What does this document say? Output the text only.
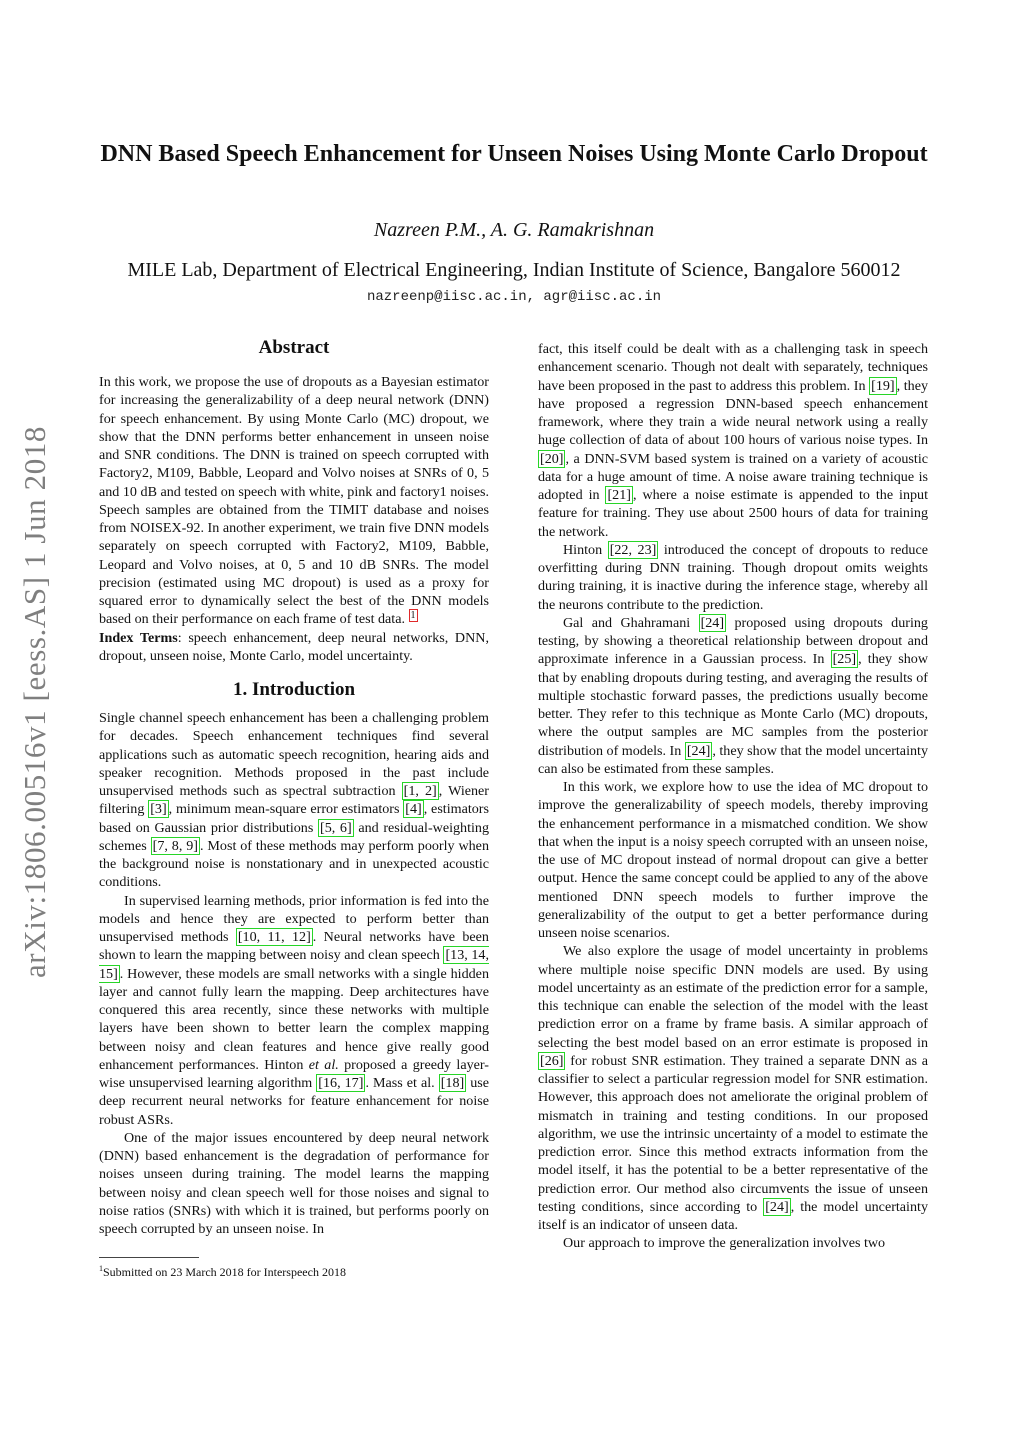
arXiv:1806.00516v1 [eess.AS] 1 Jun 2018
DNN Based Speech Enhancement for Unseen Noises Using Monte Carlo Dropout
Nazreen P.M., A. G. Ramakrishnan
MILE Lab, Department of Electrical Engineering, Indian Institute of Science, Bangalore 560012
nazreenp@iisc.ac.in, agr@iisc.ac.in
Abstract

In this work, we propose the use of dropouts as a Bayesian estimator for increasing the generalizability of a deep neural network (DNN) for speech enhancement. By using Monte Carlo (MC) dropout, we show that the DNN performs better enhancement in unseen noise and SNR conditions. The DNN is trained on speech corrupted with Factory2, M109, Babble, Leopard and Volvo noises at SNRs of 0, 5 and 10 dB and tested on speech with white, pink and factory1 noises. Speech samples are obtained from the TIMIT database and noises from NOISEX-92. In another experiment, we train five DNN models separately on speech corrupted with Factory2, M109, Babble, Leopard and Volvo noises, at 0, 5 and 10 dB SNRs. The model precision (estimated using MC dropout) is used as a proxy for squared error to dynamically select the best of the DNN models based on their performance on each frame of test data. $^1$

Index Terms: speech enhancement, deep neural networks, DNN, dropout, unseen noise, Monte Carlo, model uncertainty.

1. Introduction

Single channel speech enhancement has been a challenging problem for decades. Speech enhancement techniques find several applications such as automatic speech recognition, hearing aids and speaker recognition. Methods proposed in the past include unsupervised methods such as spectral subtraction [1, 2] , Wiener filtering [3] , minimum mean-square error estimators [4] , estimators based on Gaussian prior distributions [5, 6] and residual-weighting schemes [7, 8, 9] . Most of these methods may perform poorly when the background noise is nonstationary and in unexpected acoustic conditions.

In supervised learning methods, prior information is fed into the models and hence they are expected to perform better than unsupervised methods [10, 11, 12] . Neural networks have been shown to learn the mapping between noisy and clean speech [13, 14, 15] . However, these models are small networks with a single hidden layer and cannot fully learn the mapping. Deep architectures have conquered this area recently, since these networks with multiple layers have been shown to better learn the complex mapping between noisy and clean features and hence give really good enhancement performances. Hinton et al. proposed a greedy layer-wise unsupervised learning algorithm [16, 17] . Mass et al. [18] use deep recurrent neural networks for feature enhancement for noise robust ASRs.

One of the major issues encountered by deep neural network (DNN) based enhancement is the degradation of performance for noises unseen during training. The model learns the mapping between noisy and clean speech well for those noises and signal to noise ratios (SNRs) with which it is trained, but performs poorly on speech corrupted by an unseen noise. In

fact, this itself could be dealt with as a challenging task in speech enhancement scenario. Though not dealt with separately, techniques have been proposed in the past to address this problem. In [19] , they have proposed a regression DNN-based speech enhancement framework, where they train a wide neural network using a really huge collection of data of about 100 hours of various noise types. In [20] , a DNN-SVM based system is trained on a variety of acoustic data for a huge amount of time. A noise aware training technique is adopted in [21] , where a noise estimate is appended to the input feature for training. They use about 2500 hours of data for training the network.

Hinton [22, 23] introduced the concept of dropouts to reduce overfitting during DNN training. Though dropout omits weights during training, it is inactive during the inference stage, whereby all the neurons contribute to the prediction.

Gal and Ghahramani [24] proposed using dropouts during testing, by showing a theoretical relationship between dropout and approximate inference in a Gaussian process. In [25] , they show that by enabling dropouts during testing, and averaging the results of multiple stochastic forward passes, the predictions usually become better. They refer to this technique as Monte Carlo (MC) dropouts, where the output samples are MC samples from the posterior distribution of models. In [24] , they show that the model uncertainty can also be estimated from these samples.

In this work, we explore how to use the idea of MC dropout to improve the generalizability of speech models, thereby improving the enhancement performance in a mismatched condition. We show that when the input is a noisy speech corrupted with an unseen noise, the use of MC dropout instead of normal dropout can give a better output. Hence the same concept could be applied to any of the above mentioned DNN speech models to further improve the generalizability of the output to get a better performance during unseen noise scenarios.

We also explore the usage of model uncertainty in problems where multiple noise specific DNN models are used. By using model uncertainty as an estimate of the prediction error for a sample, this technique can enable the selection of the model with the least prediction error on a frame by frame basis. A similar approach of selecting the best model based on an error estimate is proposed in [26] for robust SNR estimation. They trained a separate DNN as a classifier to select a particular regression model for SNR estimation. However, this approach does not ameliorate the original problem of mismatch in training and testing conditions. In our proposed algorithm, we use the intrinsic uncertainty of a model to estimate the prediction error. Since this method extracts information from the model itself, it has the potential to be a better representative of the prediction error. Our method also circumvents the issue of unseen testing conditions, since according to [24] , the model uncertainty itself is an indicator of unseen data.

Our approach to improve the generalization involves two

$^1$Submitted on 23 March 2018 for Interspeech 2018
